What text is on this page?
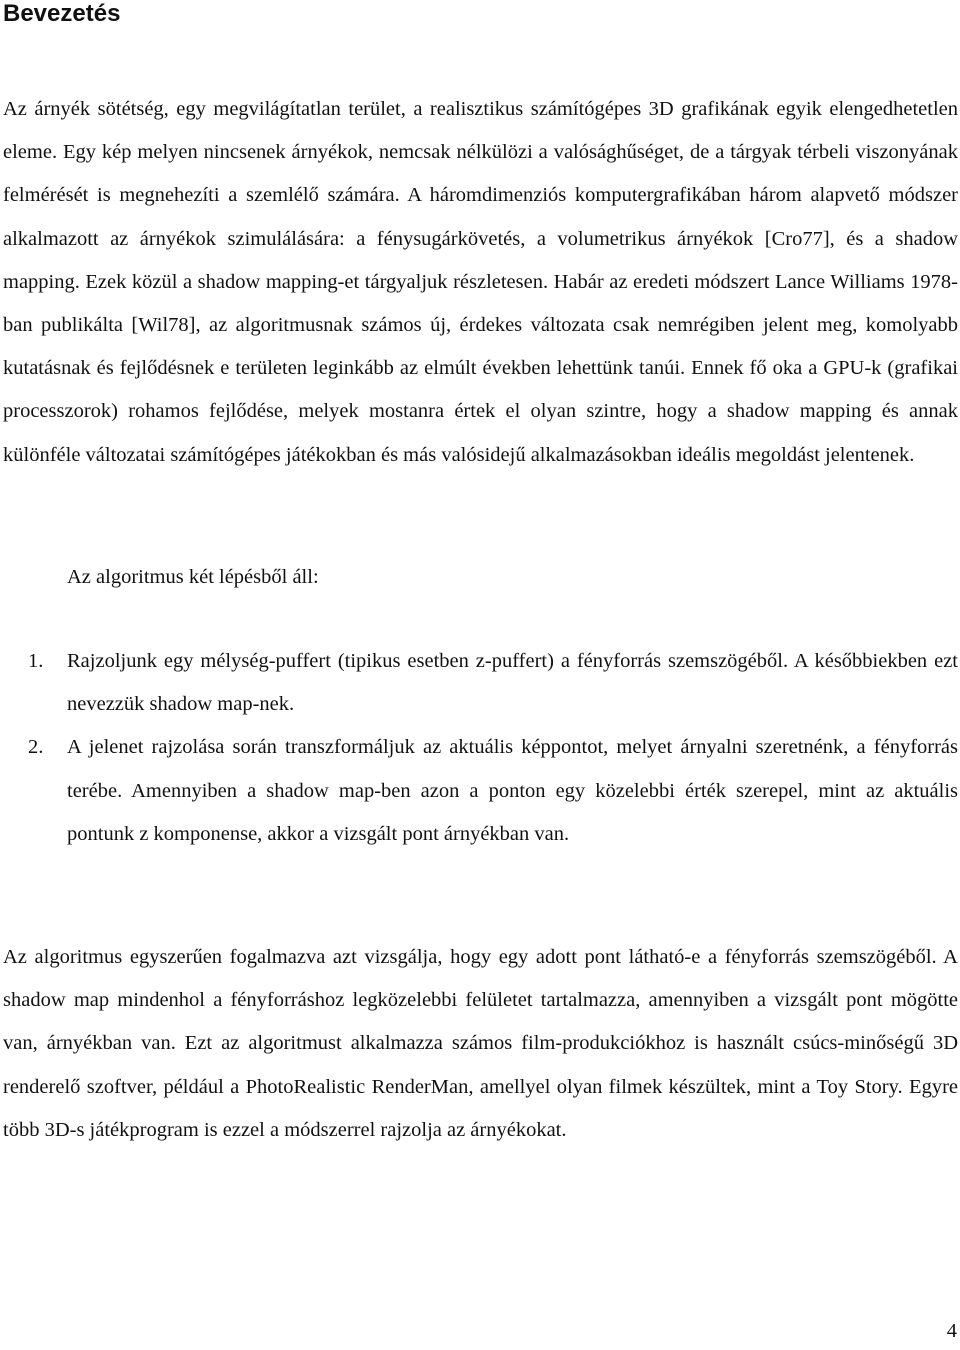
Bevezetés

Az árnyék sötétség, egy megvilágítatlan terület, a realisztikus számítógépes 3D grafikának egyik elengedhetetlen eleme. Egy kép melyen nincsenek árnyékok, nemcsak nélkülözi a valósághűséget, de a tárgyak térbeli viszonyának felmérését is megnehezíti a szemlélő számára. A háromdimenziós komputergrafikában három alapvető módszer alkalmazott az árnyékok szimulálására: a fénysugárkövetés, a volumetrikus árnyékok [Cro77], és a shadow mapping. Ezek közül a shadow mapping-et tárgyaljuk részletesen. Habár az eredeti módszert Lance Williams 1978-ban publikálta [Wil78], az algoritmusnak számos új, érdekes változata csak nemrégiben jelent meg, komolyabb kutatásnak és fejlődésnek e területen leginkább az elmúlt években lehettünk tanúi. Ennek fő oka a GPU-k (grafikai processzorok) rohamos fejlődése, melyek mostanra értek el olyan szintre, hogy a shadow mapping és annak különféle változatai számítógépes játékokban és más valósidejű alkalmazásokban ideális megoldást jelentenek.

Az algoritmus két lépésből áll:

1. Rajzoljunk egy mélység-puffert (tipikus esetben z-puffert) a fényforrás szemszögéből. A későbbiekben ezt nevezzük shadow map-nek.
2. A jelenet rajzolása során transzformáljuk az aktuális képpontot, melyet árnyalni szeretnénk, a fényforrás terébe. Amennyiben a shadow map-ben azon a ponton egy közelebbi érték szerepel, mint az aktuális pontunk z komponense, akkor a vizsgált pont árnyékban van.

Az algoritmus egyszerűen fogalmazva azt vizsgálja, hogy egy adott pont látható-e a fényforrás szemszögéből. A shadow map mindenhol a fényforráshoz legközelebbi felületet tartalmazza, amennyiben a vizsgált pont mögötte van, árnyékban van. Ezt az algoritmust alkalmazza számos film-produkciókhoz is használt csúcs-minőségű 3D renderelő szoftver, például a PhotoRealistic RenderMan, amellyel olyan filmek készültek, mint a Toy Story. Egyre több 3D-s játékprogram is ezzel a módszerrel rajzolja az árnyékokat.

4
